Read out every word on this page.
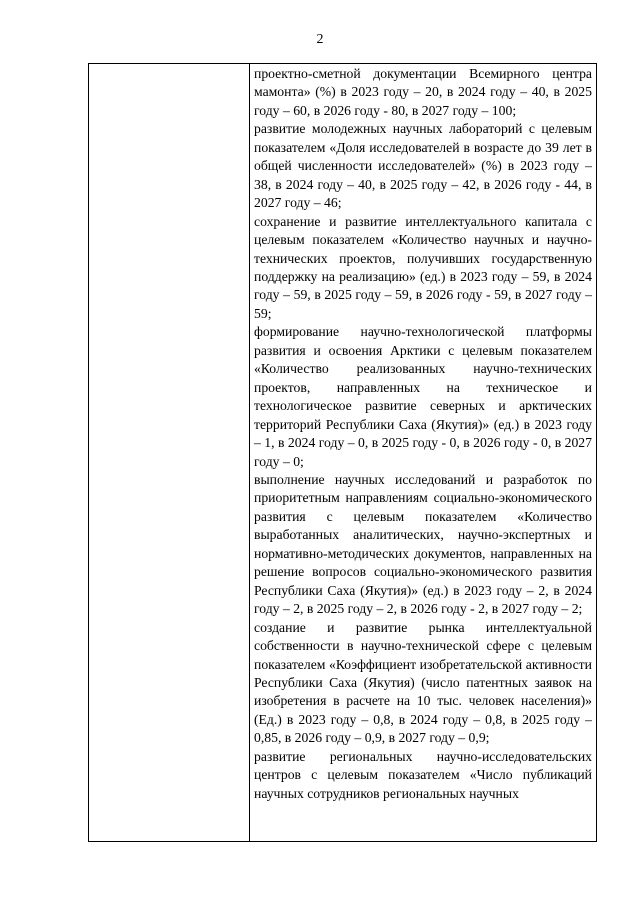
2

проектно-сметной документации Всемирного центра мамонта» (%) в 2023 году – 20, в 2024 году – 40, в 2025 году – 60, в 2026 году - 80, в 2027 году – 100;

развитие молодежных научных лабораторий с целевым показателем «Доля исследователей в возрасте до 39 лет в общей численности исследователей» (%) в 2023 году – 38, в 2024 году – 40, в 2025 году – 42, в 2026 году - 44, в 2027 году – 46;

сохранение и развитие интеллектуального капитала с целевым показателем «Количество научных и научно-технических проектов, получивших государственную поддержку на реализацию» (ед.) в 2023 году – 59, в 2024 году – 59, в 2025 году – 59, в 2026 году - 59, в 2027 году – 59;

формирование научно-технологической платформы развития и освоения Арктики с целевым показателем «Количество реализованных научно-технических проектов, направленных на техническое и технологическое развитие северных и арктических территорий Республики Саха (Якутия)» (ед.) в 2023 году – 1, в 2024 году – 0, в 2025 году - 0, в 2026 году - 0, в 2027 году – 0;

выполнение научных исследований и разработок по приоритетным направлениям социально-экономического развития с целевым показателем «Количество выработанных аналитических, научно-экспертных и нормативно-методических документов, направленных на решение вопросов социально-экономического развития Республики Саха (Якутия)» (ед.) в 2023 году – 2, в 2024 году – 2, в 2025 году – 2, в 2026 году - 2, в 2027 году – 2;

создание и развитие рынка интеллектуальной собственности в научно-технической сфере с целевым показателем «Коэффициент изобретательской активности Республики Саха (Якутия) (число патентных заявок на изобретения в расчете на 10 тыс. человек населения)» (Ед.) в 2023 году – 0,8, в 2024 году – 0,8, в 2025 году – 0,85, в 2026 году – 0,9, в 2027 году – 0,9;

развитие региональных научно-исследовательских центров с целевым показателем «Число публикаций научных сотрудников региональных научных
